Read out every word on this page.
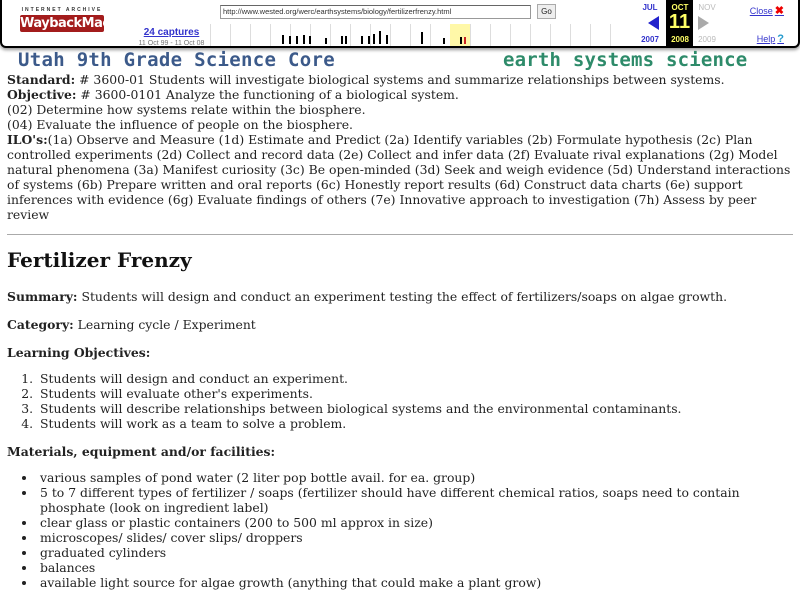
INTERNET ARCHIVE
WaybackMachine
24 captures
11 Oct 99 - 11 Oct 08
http://www.wested.org/werc/earthsystems/biology/fertilizerfrenzy.html	Go	JUL
2007
OCT
11
2008
NOV
2009
Close ✖
Help ?
Utah 9th Grade Science Core	earth systems science

Standard: # 3600-01 Students will investigate biological systems and summarize relationships between systems.

Objective: # 3600-0101 Analyze the functioning of a biological system.

(02) Determine how systems relate within the biosphere.

(04) Evaluate the influence of people on the biosphere.

ILO's:(1a) Observe and Measure (1d) Estimate and Predict (2a) Identify variables (2b) Formulate hypothesis (2c) Plan controlled experiments (2d) Collect and record data (2e) Collect and infer data (2f) Evaluate rival explanations (2g) Model natural phenomena (3a) Manifest curiosity (3c) Be open-minded (3d) Seek and weigh evidence (5d) Understand interactions of systems (6b) Prepare written and oral reports (6c) Honestly report results (6d) Construct data charts (6e) support inferences with evidence (6g) Evaluate findings of others (7e) Innovative approach to investigation (7h) Assess by peer review

Fertilizer Frenzy

Summary: Students will design and conduct an experiment testing the effect of fertilizers/soaps on algae growth.

Category: Learning cycle / Experiment

Learning Objectives:

1. Students will design and conduct an experiment.
2. Students will evaluate other's experiments.
3. Students will describe relationships between biological systems and the environmental contaminants.
4. Students will work as a team to solve a problem.

Materials, equipment and/or facilities:

• various samples of pond water (2 liter pop bottle avail. for ea. group)
• 5 to 7 different types of fertilizer / soaps (fertilizer should have different chemical ratios, soaps need to contain phosphate (look on ingredient label)
• clear glass or plastic containers (200 to 500 ml approx in size)
• microscopes/ slides/ cover slips/ droppers
• graduated cylinders
• balances
• available light source for algae growth (anything that could make a plant grow)
